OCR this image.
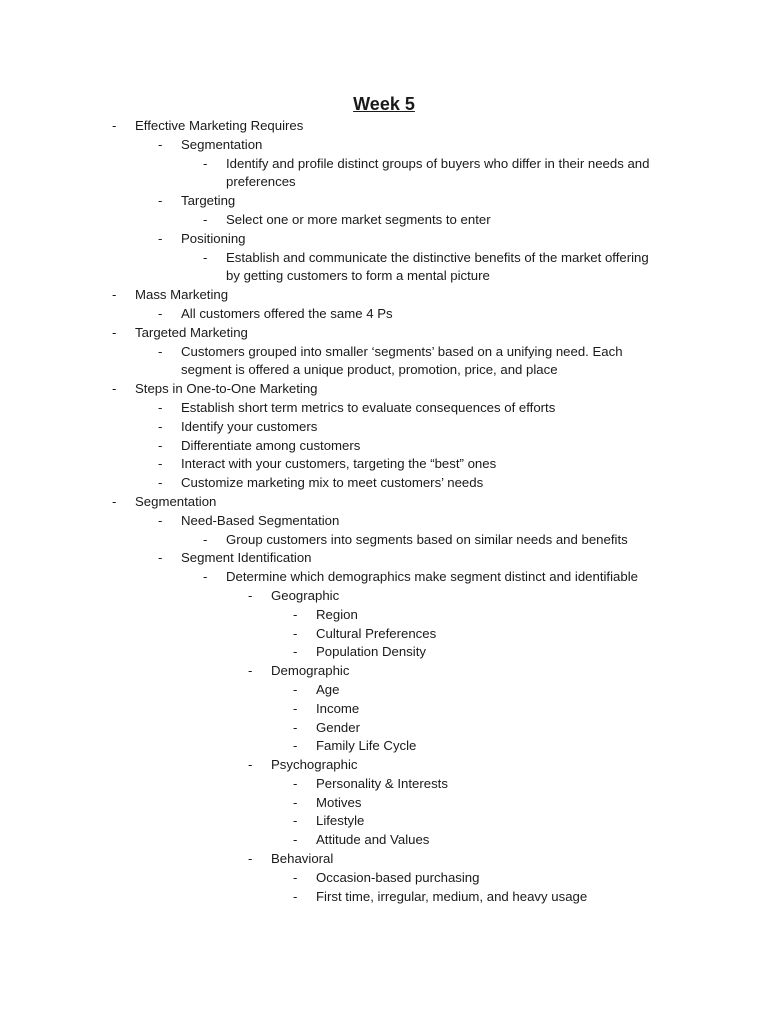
Week 5
- Effective Marketing Requires
- Segmentation
- Identify and profile distinct groups of buyers who differ in their needs and
preferences
- Targeting
- Select one or more market segments to enter
- Positioning
- Establish and communicate the distinctive benefits of the market offering
by getting customers to form a mental picture
- Mass Marketing
- All customers offered the same 4 Ps
- Targeted Marketing
- Customers grouped into smaller ‘segments’ based on a unifying need. Each
segment is offered a unique product, promotion, price, and place
- Steps in One-to-One Marketing
- Establish short term metrics to evaluate consequences of efforts
- Identify your customers
- Differentiate among customers
- Interact with your customers, targeting the “best” ones
- Customize marketing mix to meet customers’ needs
- Segmentation
- Need-Based Segmentation
- Group customers into segments based on similar needs and benefits
- Segment Identification
- Determine which demographics make segment distinct and identifiable
- Geographic
- Region
- Cultural Preferences
- Population Density
- Demographic
- Age
- Income
- Gender
- Family Life Cycle
- Psychographic
- Personality & Interests
- Motives
- Lifestyle
- Attitude and Values
- Behavioral
- Occasion-based purchasing
- First time, irregular, medium, and heavy usage
